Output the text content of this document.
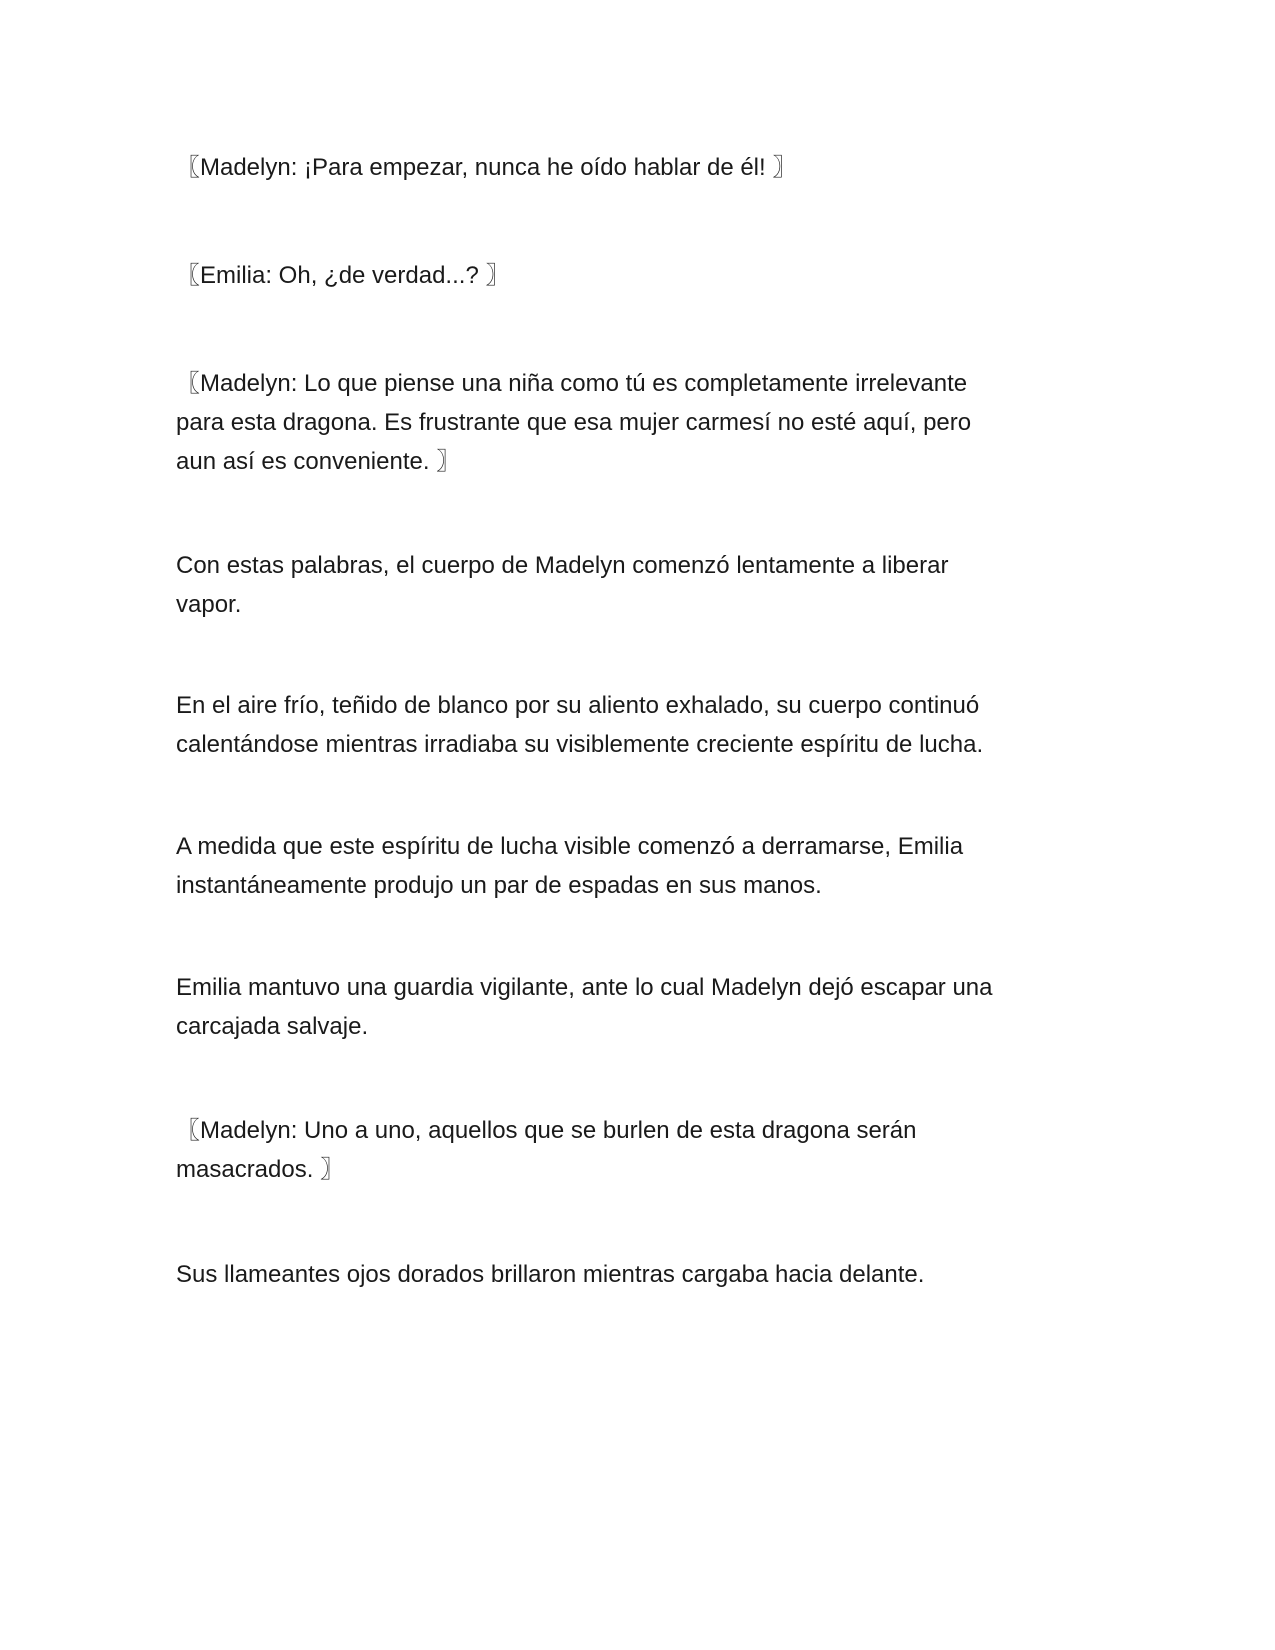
〖Madelyn: ¡Para empezar, nunca he oído hablar de él! 〗

〖Emilia: Oh, ¿de verdad...? 〗

〖Madelyn: Lo que piense una niña como tú es completamente irrelevante
para esta dragona. Es frustrante que esa mujer carmesí no esté aquí, pero
aun así es conveniente. 〗

Con estas palabras, el cuerpo de Madelyn comenzó lentamente a liberar
vapor.

En el aire frío, teñido de blanco por su aliento exhalado, su cuerpo continuó
calentándose mientras irradiaba su visiblemente creciente espíritu de lucha.

A medida que este espíritu de lucha visible comenzó a derramarse, Emilia
instantáneamente produjo un par de espadas en sus manos.

Emilia mantuvo una guardia vigilante, ante lo cual Madelyn dejó escapar una
carcajada salvaje.

〖Madelyn: Uno a uno, aquellos que se burlen de esta dragona serán
masacrados. 〗

Sus llameantes ojos dorados brillaron mientras cargaba hacia delante.
